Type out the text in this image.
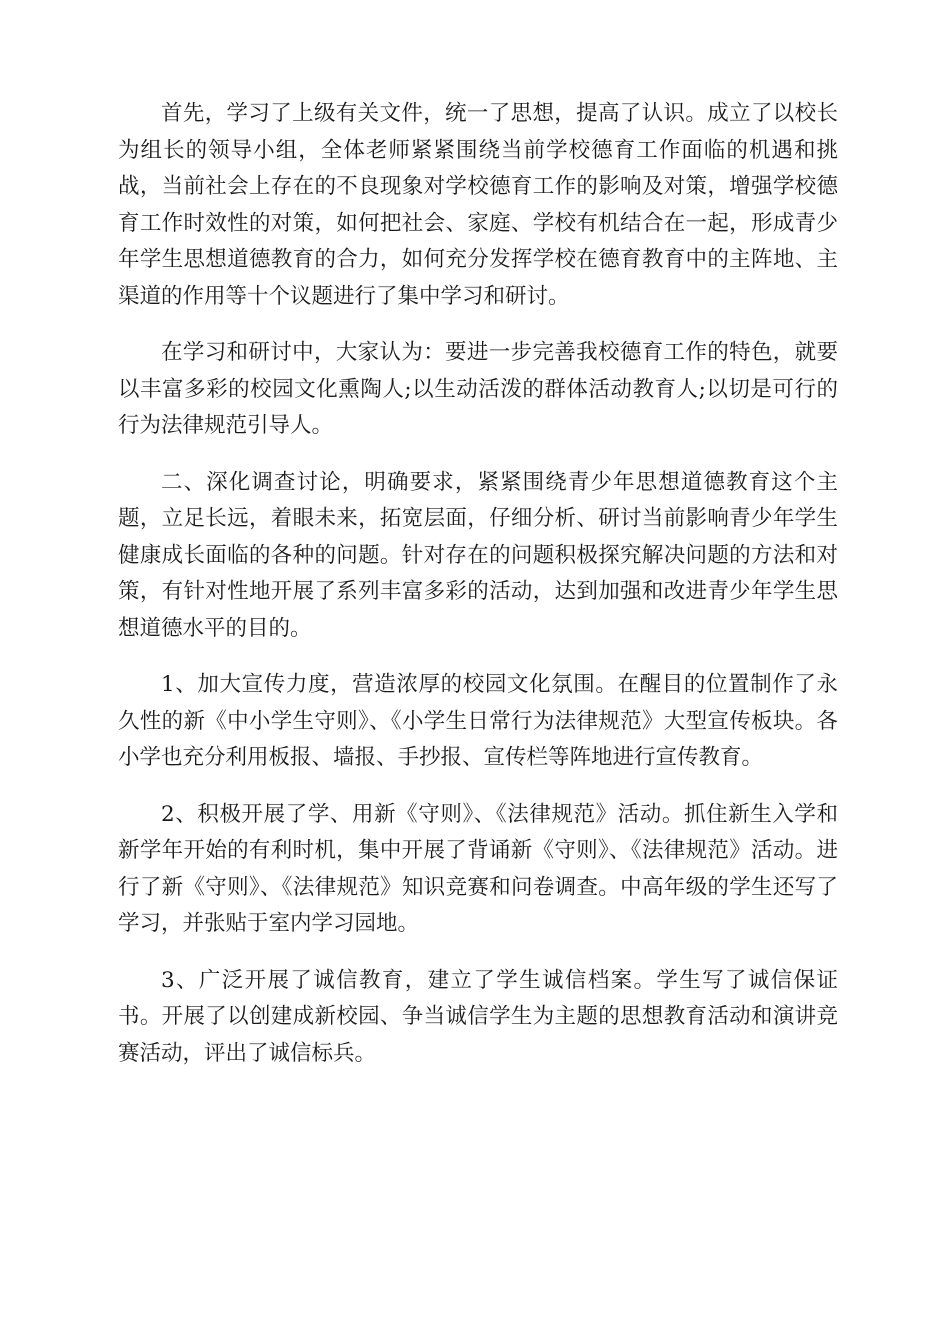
首先，学习了上级有关文件，统一了思想，提高了认识。成立了以校长为组长的领导小组，全体老师紧紧围绕当前学校德育工作面临的机遇和挑战，当前社会上存在的不良现象对学校德育工作的影响及对策，增强学校德育工作时效性的对策，如何把社会、家庭、学校有机结合在一起，形成青少年学生思想道德教育的合力，如何充分发挥学校在德育教育中的主阵地、主渠道的作用等十个议题进行了集中学习和研讨。

在学习和研讨中，大家认为：要进一步完善我校德育工作的特色，就要以丰富多彩的校园文化熏陶人;以生动活泼的群体活动教育人;以切是可行的行为法律规范引导人。

二、深化调查讨论，明确要求，紧紧围绕青少年思想道德教育这个主题，立足长远，着眼未来，拓宽层面，仔细分析、研讨当前影响青少年学生健康成长面临的各种的问题。针对存在的问题积极探究解决问题的方法和对策，有针对性地开展了系列丰富多彩的活动，达到加强和改进青少年学生思想道德水平的目的。

1、加大宣传力度，营造浓厚的校园文化氛围。在醒目的位置制作了永久性的新《中小学生守则》、《小学生日常行为法律规范》大型宣传板块。各小学也充分利用板报、墙报、手抄报、宣传栏等阵地进行宣传教育。

2、积极开展了学、用新《守则》、《法律规范》活动。抓住新生入学和新学年开始的有利时机，集中开展了背诵新《守则》、《法律规范》活动。进行了新《守则》、《法律规范》知识竞赛和问卷调查。中高年级的学生还写了学习，并张贴于室内学习园地。

3、广泛开展了诚信教育，建立了学生诚信档案。学生写了诚信保证书。开展了以创建成新校园、争当诚信学生为主题的思想教育活动和演讲竞赛活动，评出了诚信标兵。
